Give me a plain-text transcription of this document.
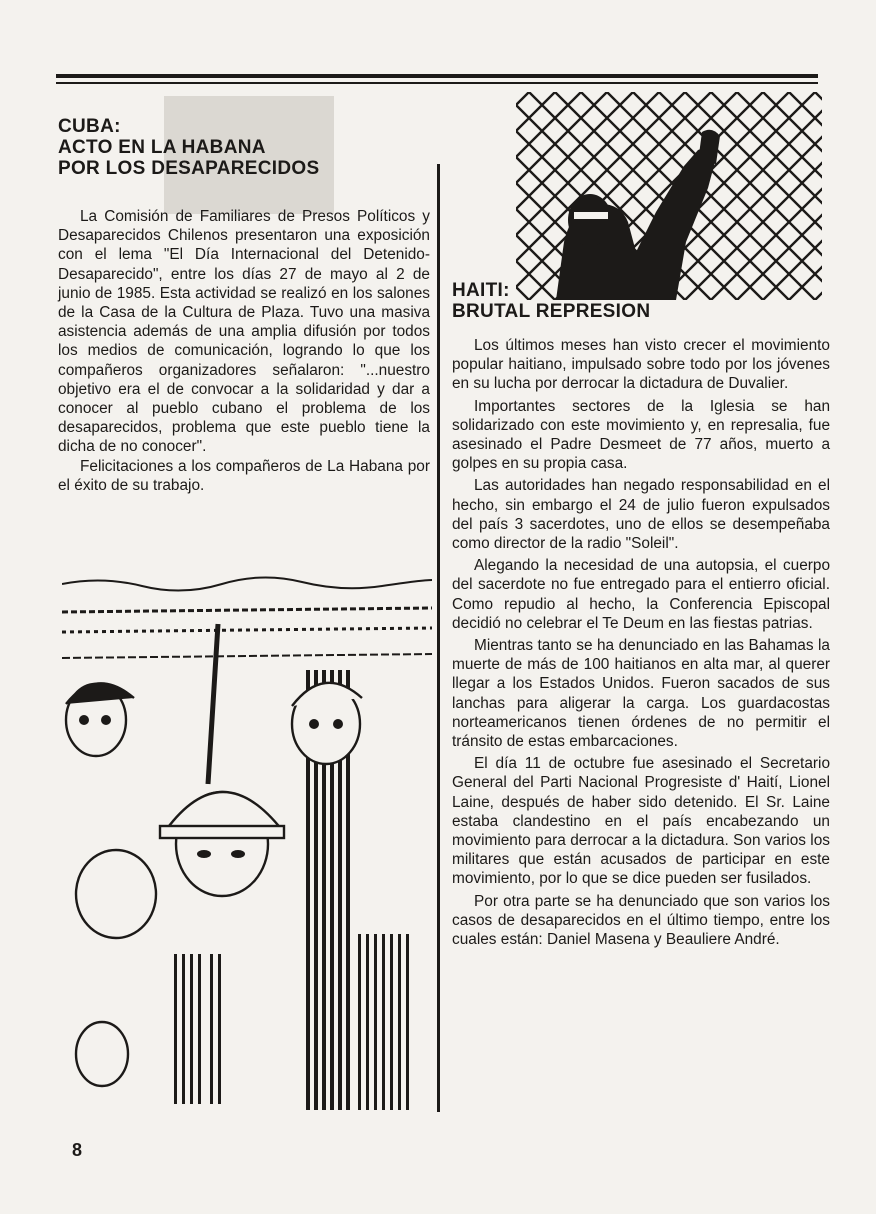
CUBA:
ACTO EN LA HABANA
POR LOS DESAPARECIDOS

La Comisión de Familiares de Presos Políticos y Desaparecidos Chilenos presentaron una exposición con el lema "El Día Internacional del Detenido-Desaparecido", entre los días 27 de mayo al 2 de junio de 1985. Esta actividad se realizó en los salones de la Casa de la Cultura de Plaza. Tuvo una masiva asistencia además de una amplia difusión por todos los medios de comunicación, logrando lo que los compañeros organizadores señalaron: "...nuestro objetivo era el de convocar a la solidaridad y dar a conocer al pueblo cubano el problema de los desaparecidos, problema que este pueblo tiene la dicha de no conocer".

Felicitaciones a los compañeros de La Habana por el éxito de su trabajo.

HAITI:
BRUTAL REPRESION

Los últimos meses han visto crecer el movimiento popular haitiano, impulsado sobre todo por los jóvenes en su lucha por derrocar la dictadura de Duvalier.

Importantes sectores de la Iglesia se han solidarizado con este movimiento y, en represalia, fue asesinado el Padre Desmeet de 77 años, muerto a golpes en su propia casa.

Las autoridades han negado responsabilidad en el hecho, sin embargo el 24 de julio fueron expulsados del país 3 sacerdotes, uno de ellos se desempeñaba como director de la radio "Soleil".

Alegando la necesidad de una autopsia, el cuerpo del sacerdote no fue entregado para el entierro oficial. Como repudio al hecho, la Conferencia Episcopal decidió no celebrar el Te Deum en las fiestas patrias.

Mientras tanto se ha denunciado en las Bahamas la muerte de más de 100 haitianos en alta mar, al querer llegar a los Estados Unidos. Fueron sacados de sus lanchas para aligerar la carga. Los guardacostas norteamericanos tienen órdenes de no permitir el tránsito de estas embarcaciones.

El día 11 de octubre fue asesinado el Secretario General del Parti Nacional Progresiste d' Haití, Lionel Laine, después de haber sido detenido. El Sr. Laine estaba clandestino en el país encabezando un movimiento para derrocar a la dictadura. Son varios los militares que están acusados de participar en este movimiento, por lo que se dice pueden ser fusilados.

Por otra parte se ha denunciado que son varios los casos de desaparecidos en el último tiempo, entre los cuales están: Daniel Masena y Beauliere André.

8
